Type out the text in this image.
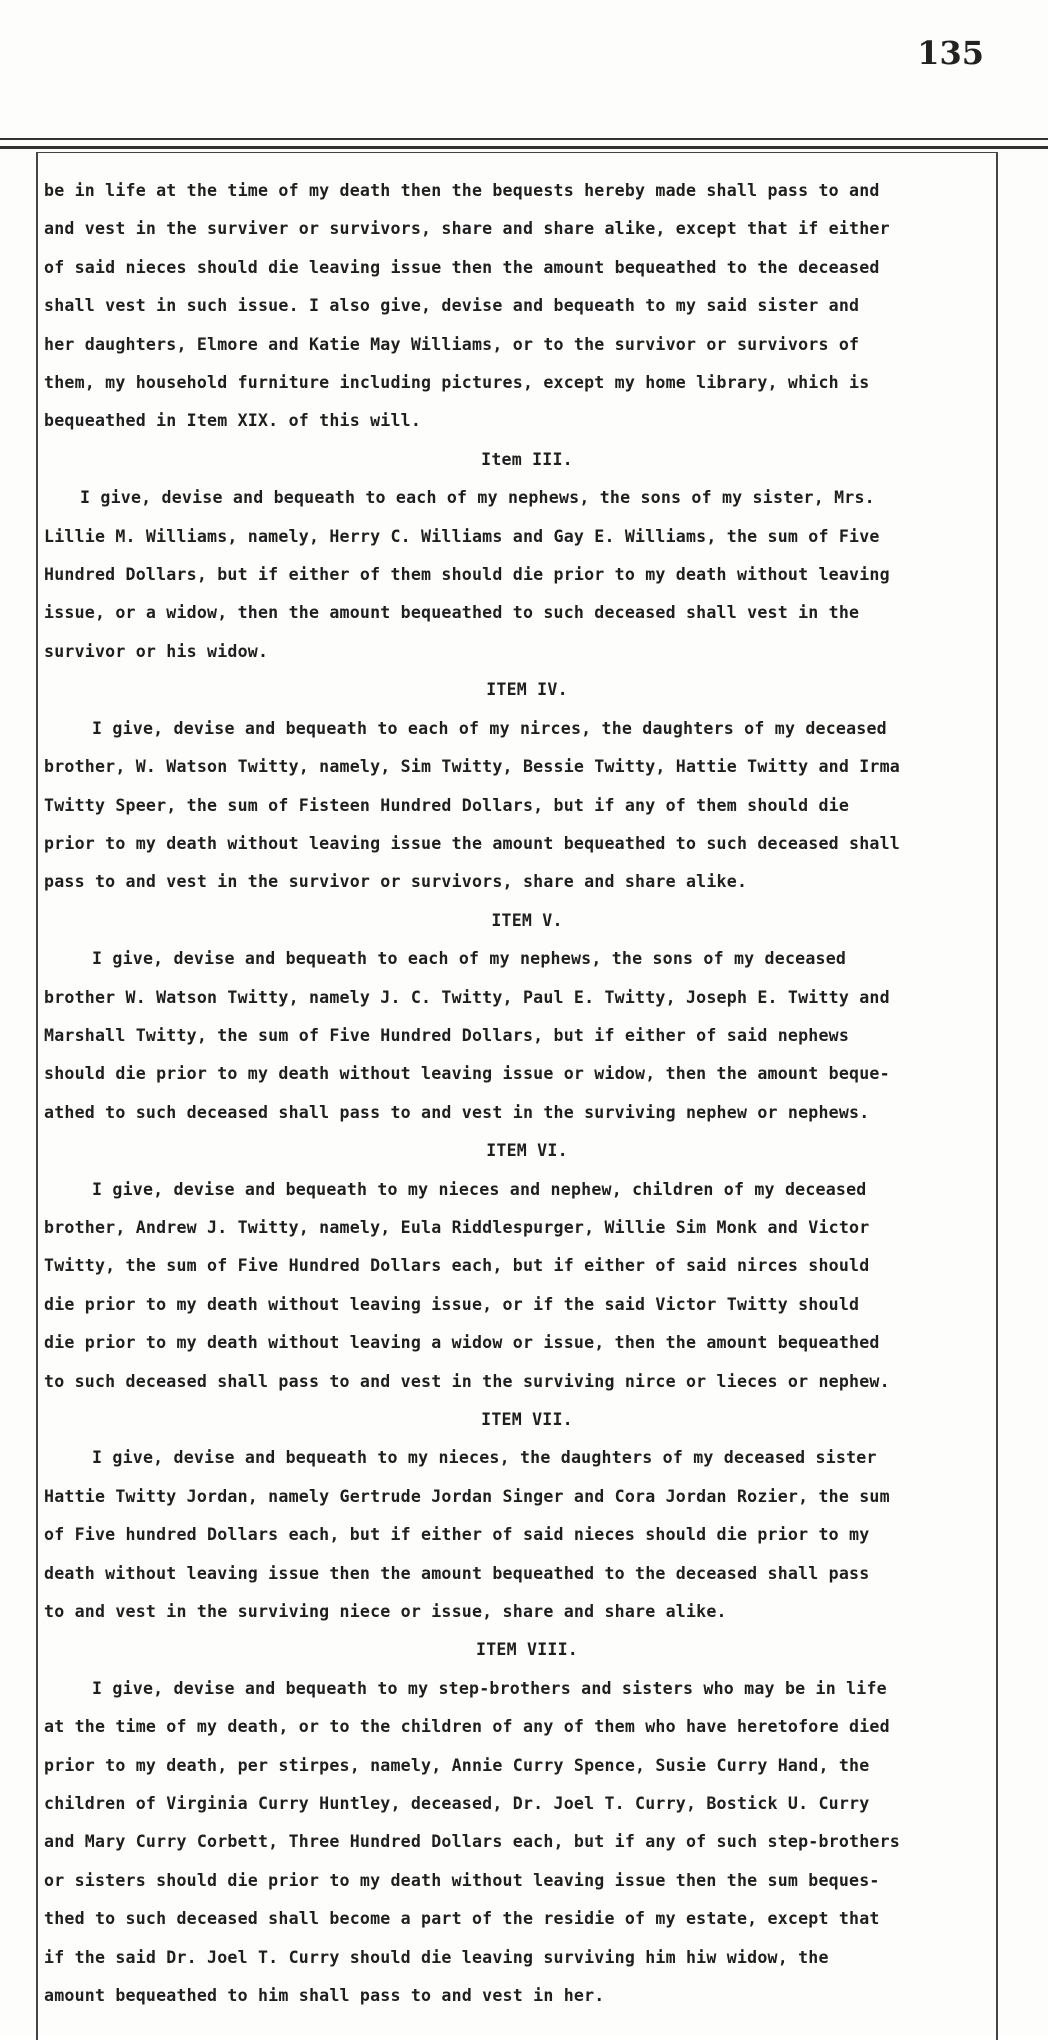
135
be in life at the time of my death then the bequests hereby made shall pass to and
and vest in the surviver or survivors, share and share alike, except that if either
of said nieces should die leaving issue then the amount bequeathed to the deceased
shall vest in such issue. I also give, devise and bequeath to my said sister and
her daughters, Elmore and Katie May Williams, or to the survivor or survivors of
them, my household furniture including pictures, except my home library, which is
bequeathed in Item XIX. of this will.
Item III.
I give, devise and bequeath to each of my nephews, the sons of my sister, Mrs.
Lillie M. Williams, namely, Herry C. Williams and Gay E. Williams, the sum of Five
Hundred Dollars, but if either of them should die prior to my death without leaving
issue, or a widow, then the amount bequeathed to such deceased shall vest in the
survivor or his widow.
ITEM IV.
I give, devise and bequeath to each of my nirces, the daughters of my deceased
brother, W. Watson Twitty, namely, Sim Twitty, Bessie Twitty, Hattie Twitty and Irma
Twitty Speer, the sum of Fisteen Hundred Dollars, but if any of them should die
prior to my death without leaving issue the amount bequeathed to such deceased shall
pass to and vest in the survivor or survivors, share and share alike.
ITEM V.
I give, devise and bequeath to each of my nephews, the sons of my deceased
brother W. Watson Twitty, namely J. C. Twitty, Paul E. Twitty, Joseph E. Twitty and
Marshall Twitty, the sum of Five Hundred Dollars, but if either of said nephews
should die prior to my death without leaving issue or widow, then the amount beque-
athed to such deceased shall pass to and vest in the surviving nephew or nephews.
ITEM VI.
I give, devise and bequeath to my nieces and nephew, children of my deceased
brother, Andrew J. Twitty, namely, Eula Riddlespurger, Willie Sim Monk and Victor
Twitty, the sum of Five Hundred Dollars each, but if either of said nirces should
die prior to my death without leaving issue, or if the said Victor Twitty should
die prior to my death without leaving a widow or issue, then the amount bequeathed
to such deceased shall pass to and vest in the surviving nirce or lieces or nephew.
ITEM VII.
I give, devise and bequeath to my nieces, the daughters of my deceased sister
Hattie Twitty Jordan, namely Gertrude Jordan Singer and Cora Jordan Rozier, the sum
of Five hundred Dollars each, but if either of said nieces should die prior to my
death without leaving issue then the amount bequeathed to the deceased shall pass
to and vest in the surviving niece or issue, share and share alike.
ITEM VIII.
I give, devise and bequeath to my step-brothers and sisters who may be in life
at the time of my death, or to the children of any of them who have heretofore died
prior to my death, per stirpes, namely, Annie Curry Spence, Susie Curry Hand, the
children of Virginia Curry Huntley, deceased, Dr. Joel T. Curry, Bostick U. Curry
and Mary Curry Corbett, Three Hundred Dollars each, but if any of such step-brothers
or sisters should die prior to my death without leaving issue then the sum beques-
thed to such deceased shall become a part of the residie of my estate, except that
if the said Dr. Joel T. Curry should die leaving surviving him hiw widow, the
amount bequeathed to him shall pass to and vest in her.
